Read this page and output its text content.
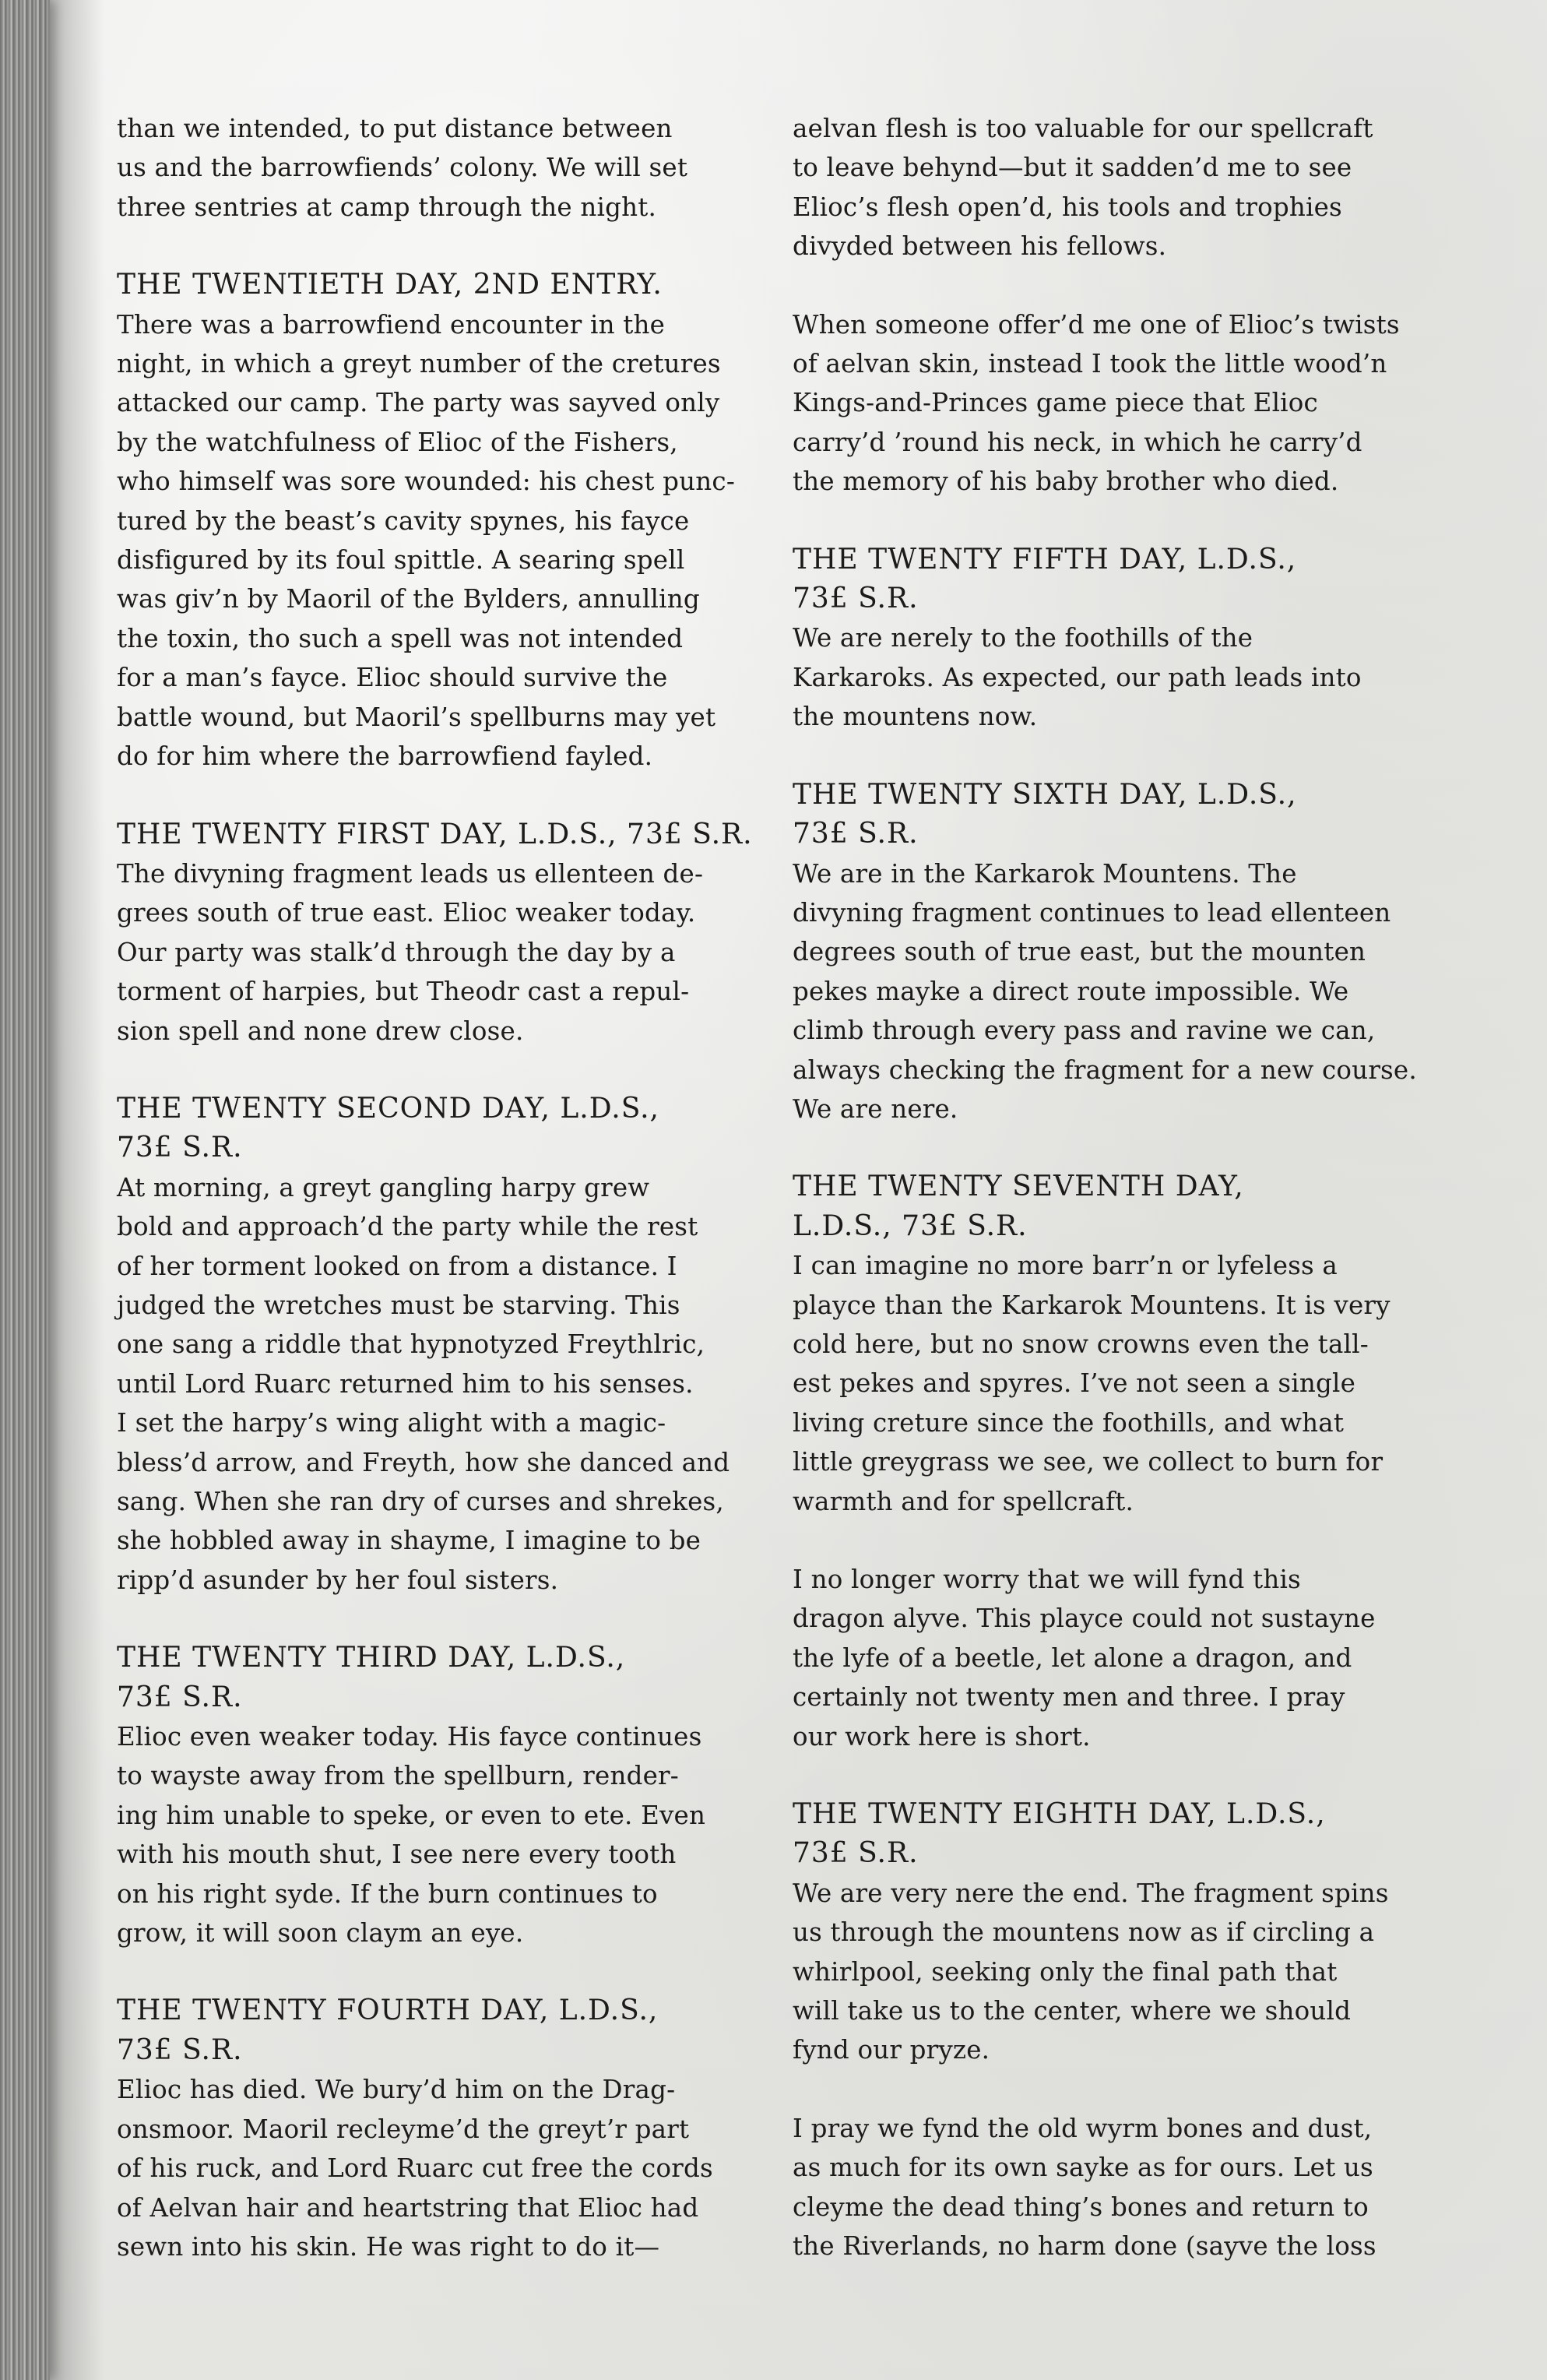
than we intended, to put distance between
us and the barrowfiends’ colony. We will set
three sentries at camp through the night.

THE TWENTIETH DAY, 2ND ENTRY.

There was a barrowfiend encounter in the
night, in which a greyt number of the cretures
attacked our camp. The party was sayved only
by the watchfulness of Elioc of the Fishers,
who himself was sore wounded: his chest punc-
tured by the beast’s cavity spynes, his fayce
disfigured by its foul spittle. A searing spell
was giv’n by Maoril of the Bylders, annulling
the toxin, tho such a spell was not intended
for a man’s fayce. Elioc should survive the
battle wound, but Maoril’s spellburns may yet
do for him where the barrowfiend fayled.

THE TWENTY FIRST DAY, L.D.S., 73£ S.R.

The divyning fragment leads us ellenteen de-
grees south of true east. Elioc weaker today.
Our party was stalk’d through the day by a
torment of harpies, but Theodr cast a repul-
sion spell and none drew close.

THE TWENTY SECOND DAY, L.D.S.,
73£ S.R.

At morning, a greyt gangling harpy grew
bold and approach’d the party while the rest
of her torment looked on from a distance. I
judged the wretches must be starving. This
one sang a riddle that hypnotyzed Freythlric,
until Lord Ruarc returned him to his senses.
I set the harpy’s wing alight with a magic-
bless’d arrow, and Freyth, how she danced and
sang. When she ran dry of curses and shrekes,
she hobbled away in shayme, I imagine to be
ripp’d asunder by her foul sisters.

THE TWENTY THIRD DAY, L.D.S.,
73£ S.R.

Elioc even weaker today. His fayce continues
to wayste away from the spellburn, render-
ing him unable to speke, or even to ete. Even
with his mouth shut, I see nere every tooth
on his right syde. If the burn continues to
grow, it will soon claym an eye.

THE TWENTY FOURTH DAY, L.D.S.,
73£ S.R.

Elioc has died. We bury’d him on the Drag-
onsmoor. Maoril recleyme’d the greyt’r part
of his ruck, and Lord Ruarc cut free the cords
of Aelvan hair and heartstring that Elioc had
sewn into his skin. He was right to do it—

aelvan flesh is too valuable for our spellcraft
to leave behynd—but it sadden’d me to see
Elioc’s flesh open’d, his tools and trophies
divyded between his fellows.

When someone offer’d me one of Elioc’s twists
of aelvan skin, instead I took the little wood’n
Kings-and-Princes game piece that Elioc
carry’d ’round his neck, in which he carry’d
the memory of his baby brother who died.

THE TWENTY FIFTH DAY, L.D.S.,
73£ S.R.

We are nerely to the foothills of the
Karkaroks. As expected, our path leads into
the mountens now.

THE TWENTY SIXTH DAY, L.D.S.,
73£ S.R.

We are in the Karkarok Mountens. The
divyning fragment continues to lead ellenteen
degrees south of true east, but the mounten
pekes mayke a direct route impossible. We
climb through every pass and ravine we can,
always checking the fragment for a new course.
We are nere.

THE TWENTY SEVENTH DAY,
L.D.S., 73£ S.R.

I can imagine no more barr’n or lyfeless a
playce than the Karkarok Mountens. It is very
cold here, but no snow crowns even the tall-
est pekes and spyres. I’ve not seen a single
living creture since the foothills, and what
little greygrass we see, we collect to burn for
warmth and for spellcraft.

I no longer worry that we will fynd this
dragon alyve. This playce could not sustayne
the lyfe of a beetle, let alone a dragon, and
certainly not twenty men and three. I pray
our work here is short.

THE TWENTY EIGHTH DAY, L.D.S.,
73£ S.R.

We are very nere the end. The fragment spins
us through the mountens now as if circling a
whirlpool, seeking only the final path that
will take us to the center, where we should
fynd our pryze.

I pray we fynd the old wyrm bones and dust,
as much for its own sayke as for ours. Let us
cleyme the dead thing’s bones and return to
the Riverlands, no harm done (sayve the loss
